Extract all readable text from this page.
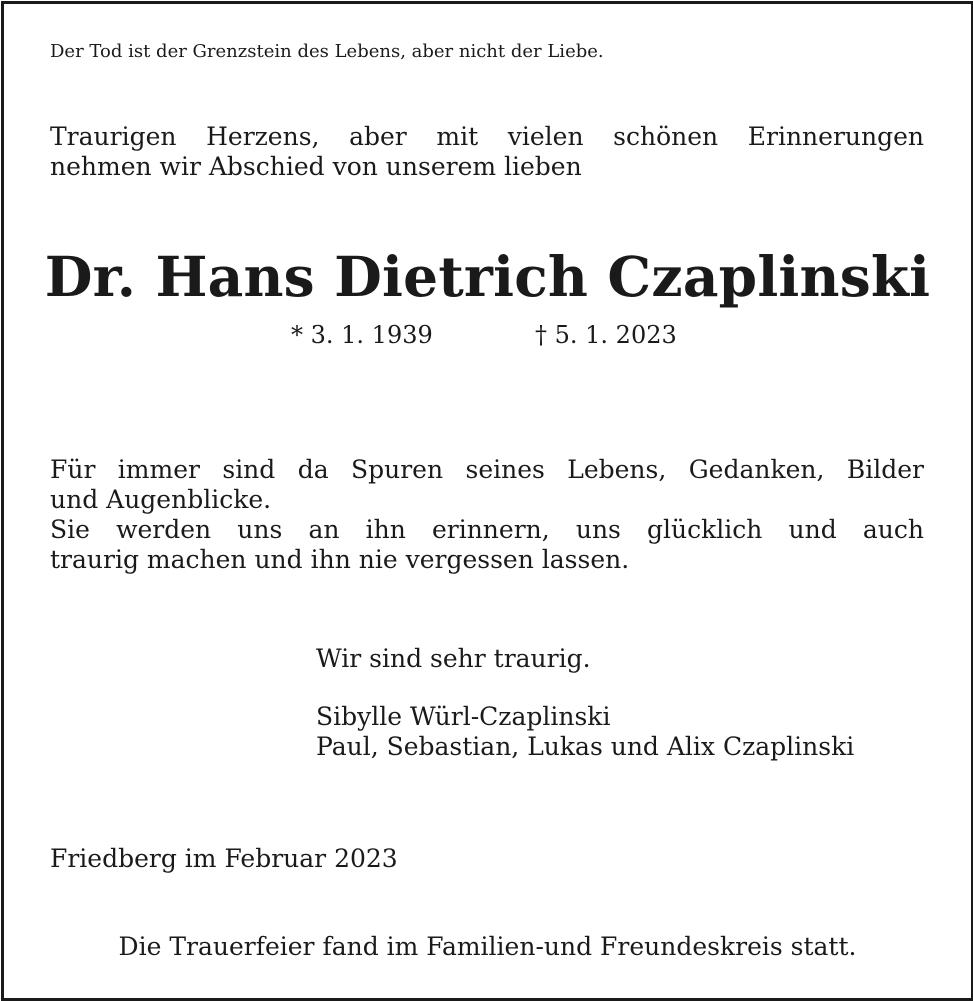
Der Tod ist der Grenzstein des Lebens, aber nicht der Liebe.
Traurigen Herzens, aber mit vielen schönen Erinnerungen
nehmen wir Abschied von unserem lieben
Dr. Hans Dietrich Czaplinski
* 3. 1. 1939	† 5. 1. 2023
Für immer sind da Spuren seines Lebens, Gedanken, Bilder
und Augenblicke.
Sie werden uns an ihn erinnern, uns glücklich und auch
traurig machen und ihn nie vergessen lassen.
Wir sind sehr traurig.
Sibylle Würl-Czaplinski
Paul, Sebastian, Lukas und Alix Czaplinski
Friedberg im Februar 2023
Die Trauerfeier fand im Familien-und Freundeskreis statt.
